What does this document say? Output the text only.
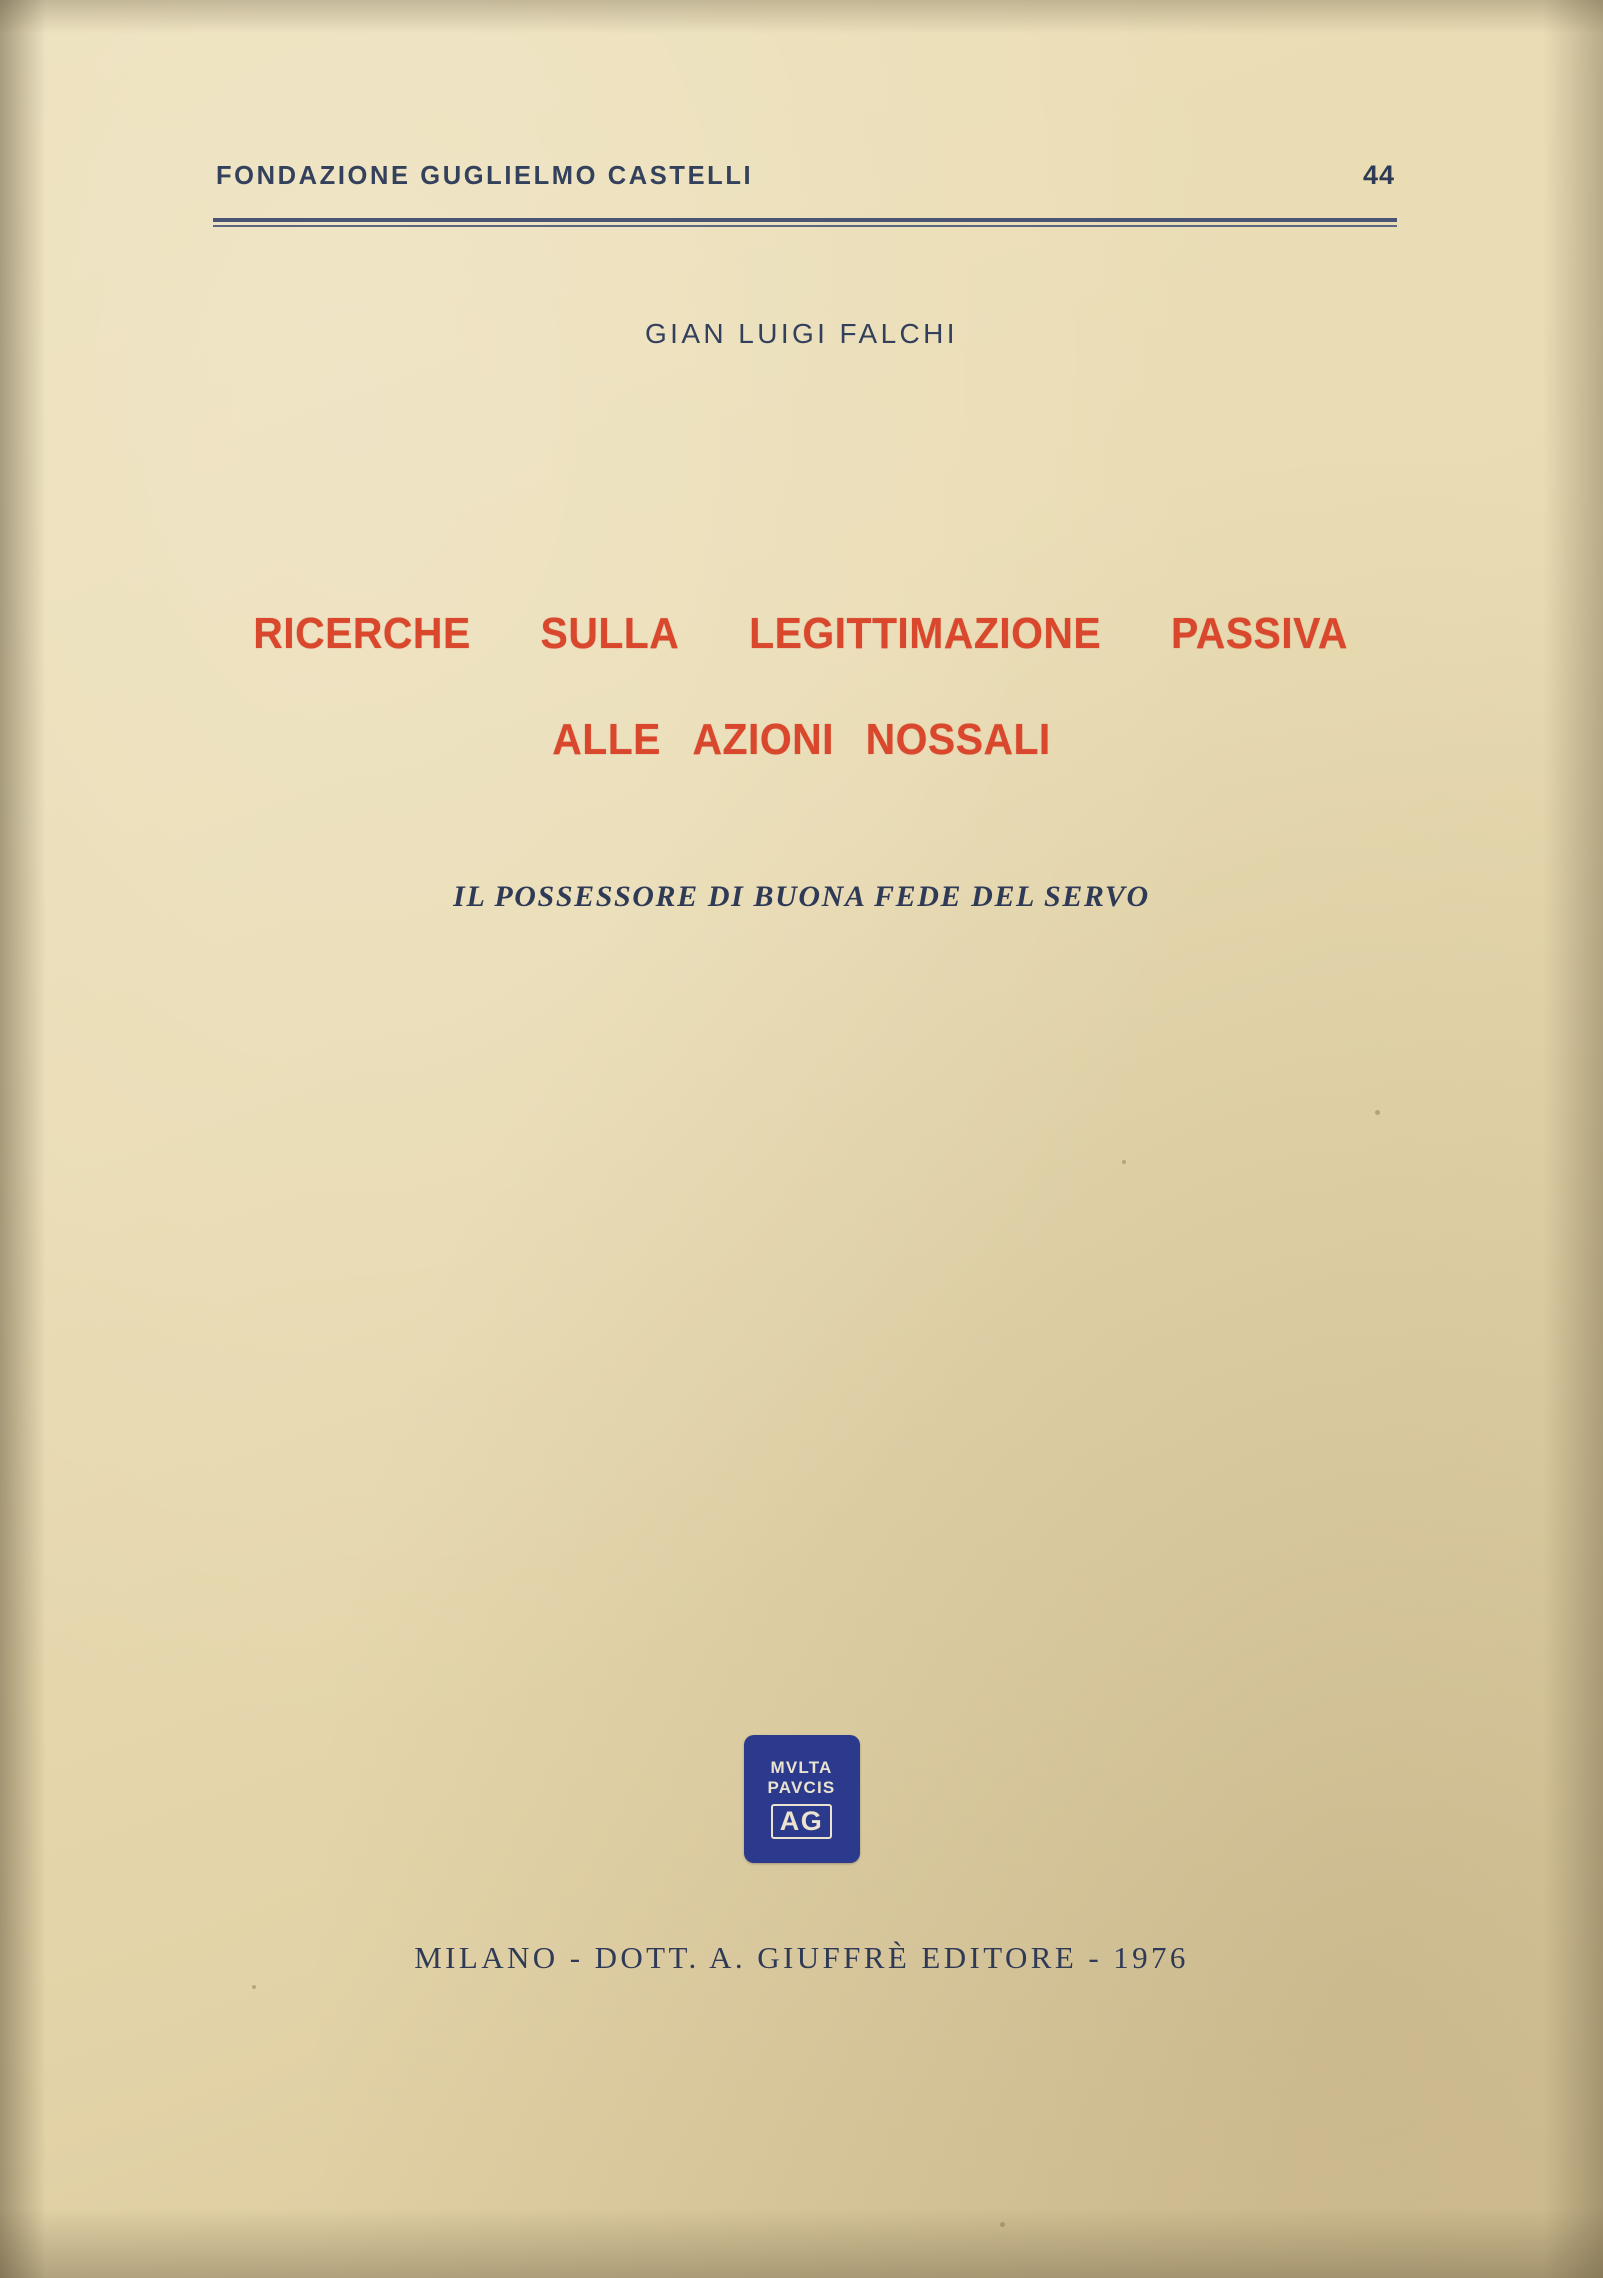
FONDAZIONE GUGLIELMO CASTELLI	44
GIAN LUIGI FALCHI
RICERCHE SULLA LEGITTIMAZIONE PASSIVA
ALLE AZIONI NOSSALI
IL POSSESSORE DI BUONA FEDE DEL SERVO
MVLTA
PAVCIS
AG
MILANO - DOTT. A. GIUFFRÈ EDITORE - 1976
